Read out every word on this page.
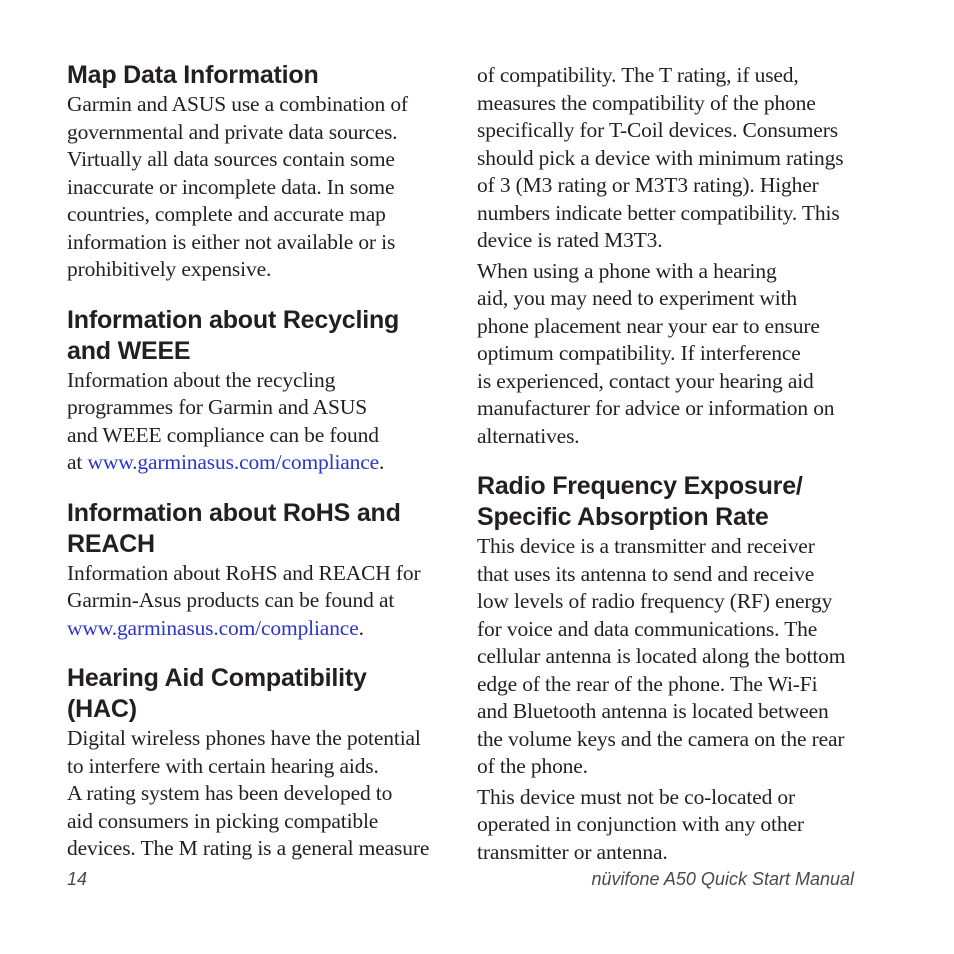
Map Data Information

Garmin and ASUS use a combination of
governmental and private data sources.
Virtually all data sources contain some
inaccurate or incomplete data. In some
countries, complete and accurate map
information is either not available or is
prohibitively expensive.

Information about Recycling
and WEEE

Information about the recycling
programmes for Garmin and ASUS
and WEEE compliance can be found
at www.garminasus.com/compliance.

Information about RoHS and
REACH

Information about RoHS and REACH for
Garmin-Asus products can be found at
www.garminasus.com/compliance.

Hearing Aid Compatibility
(HAC)

Digital wireless phones have the potential
to interfere with certain hearing aids.
A rating system has been developed to
aid consumers in picking compatible
devices. The M rating is a general measure

of compatibility. The T rating, if used,
measures the compatibility of the phone
specifically for T-Coil devices. Consumers
should pick a device with minimum ratings
of 3 (M3 rating or M3T3 rating). Higher
numbers indicate better compatibility. This
device is rated M3T3.

When using a phone with a hearing
aid, you may need to experiment with
phone placement near your ear to ensure
optimum compatibility. If interference
is experienced, contact your hearing aid
manufacturer for advice or information on
alternatives.

Radio Frequency Exposure/
Specific Absorption Rate

This device is a transmitter and receiver
that uses its antenna to send and receive
low levels of radio frequency (RF) energy
for voice and data communications. The
cellular antenna is located along the bottom
edge of the rear of the phone. The Wi-Fi
and Bluetooth antenna is located between
the volume keys and the camera on the rear
of the phone.

This device must not be co-located or
operated in conjunction with any other
transmitter or antenna.

14	nüvifone A50 Quick Start Manual
